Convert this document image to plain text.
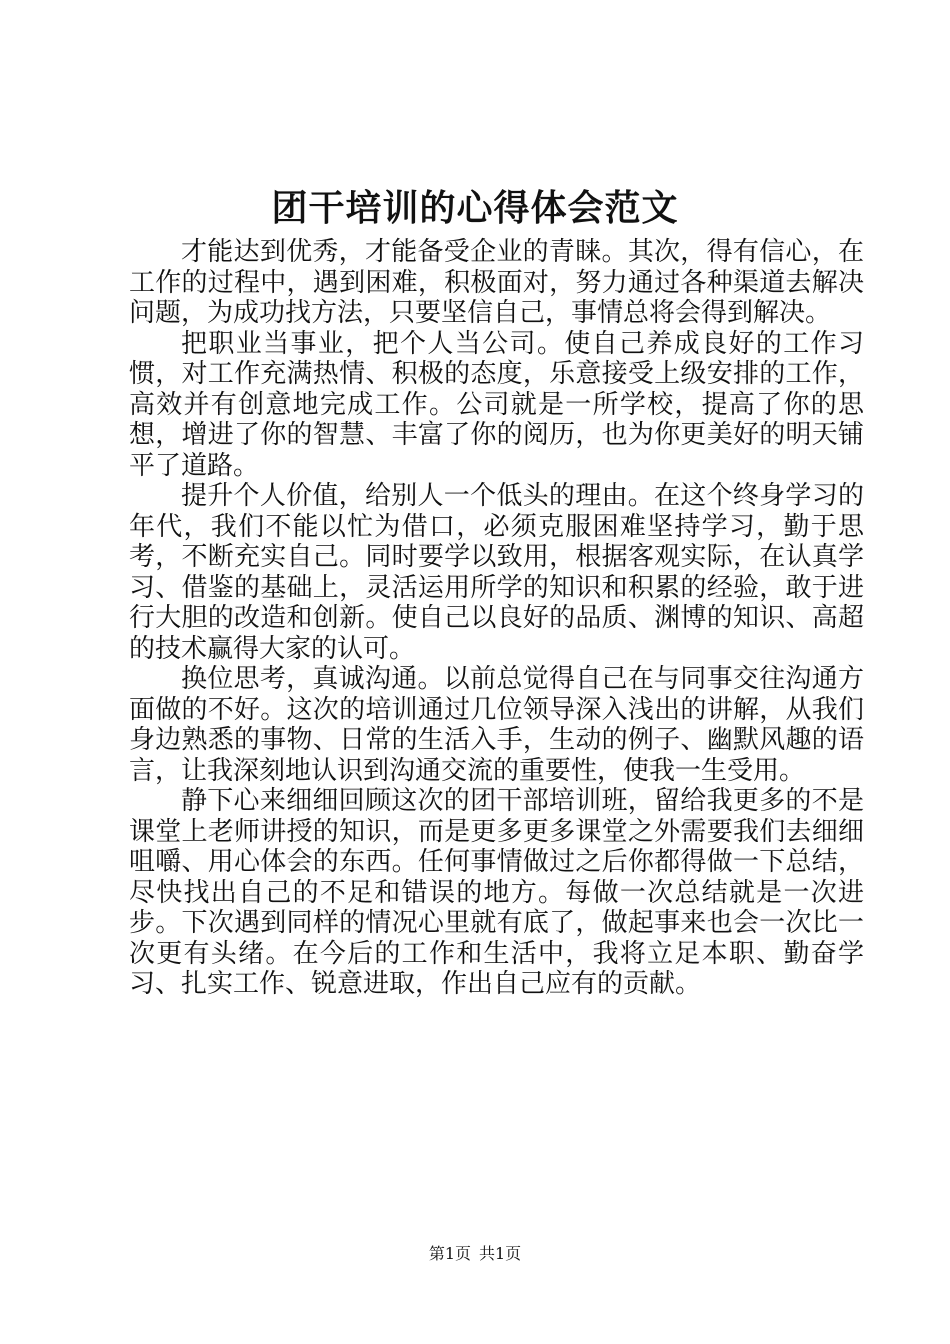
团干培训的心得体会范文

才能达到优秀，才能备受企业的青睐。其次，得有信心，在工作的过程中，遇到困难，积极面对，努力通过各种渠道去解决问题，为成功找方法，只要坚信自己，事情总将会得到解决。

把职业当事业，把个人当公司。使自己养成良好的工作习惯，对工作充满热情、积极的态度，乐意接受上级安排的工作，高效并有创意地完成工作。公司就是一所学校，提高了你的思想，增进了你的智慧、丰富了你的阅历，也为你更美好的明天铺平了道路。

提升个人价值，给别人一个低头的理由。在这个终身学习的年代，我们不能以忙为借口，必须克服困难坚持学习，勤于思考，不断充实自己。同时要学以致用，根据客观实际，在认真学习、借鉴的基础上，灵活运用所学的知识和积累的经验，敢于进行大胆的改造和创新。使自己以良好的品质、渊博的知识、高超的技术赢得大家的认可。

换位思考，真诚沟通。以前总觉得自己在与同事交往沟通方面做的不好。这次的培训通过几位领导深入浅出的讲解，从我们身边熟悉的事物、日常的生活入手，生动的例子、幽默风趣的语言，让我深刻地认识到沟通交流的重要性，使我一生受用。

静下心来细细回顾这次的团干部培训班，留给我更多的不是课堂上老师讲授的知识，而是更多更多课堂之外需要我们去细细咀嚼、用心体会的东西。任何事情做过之后你都得做一下总结，尽快找出自己的不足和错误的地方。每做一次总结就是一次进步。下次遇到同样的情况心里就有底了，做起事来也会一次比一次更有头绪。在今后的工作和生活中，我将立足本职、勤奋学习、扎实工作、锐意进取，作出自己应有的贡献。

第1页 共1页
